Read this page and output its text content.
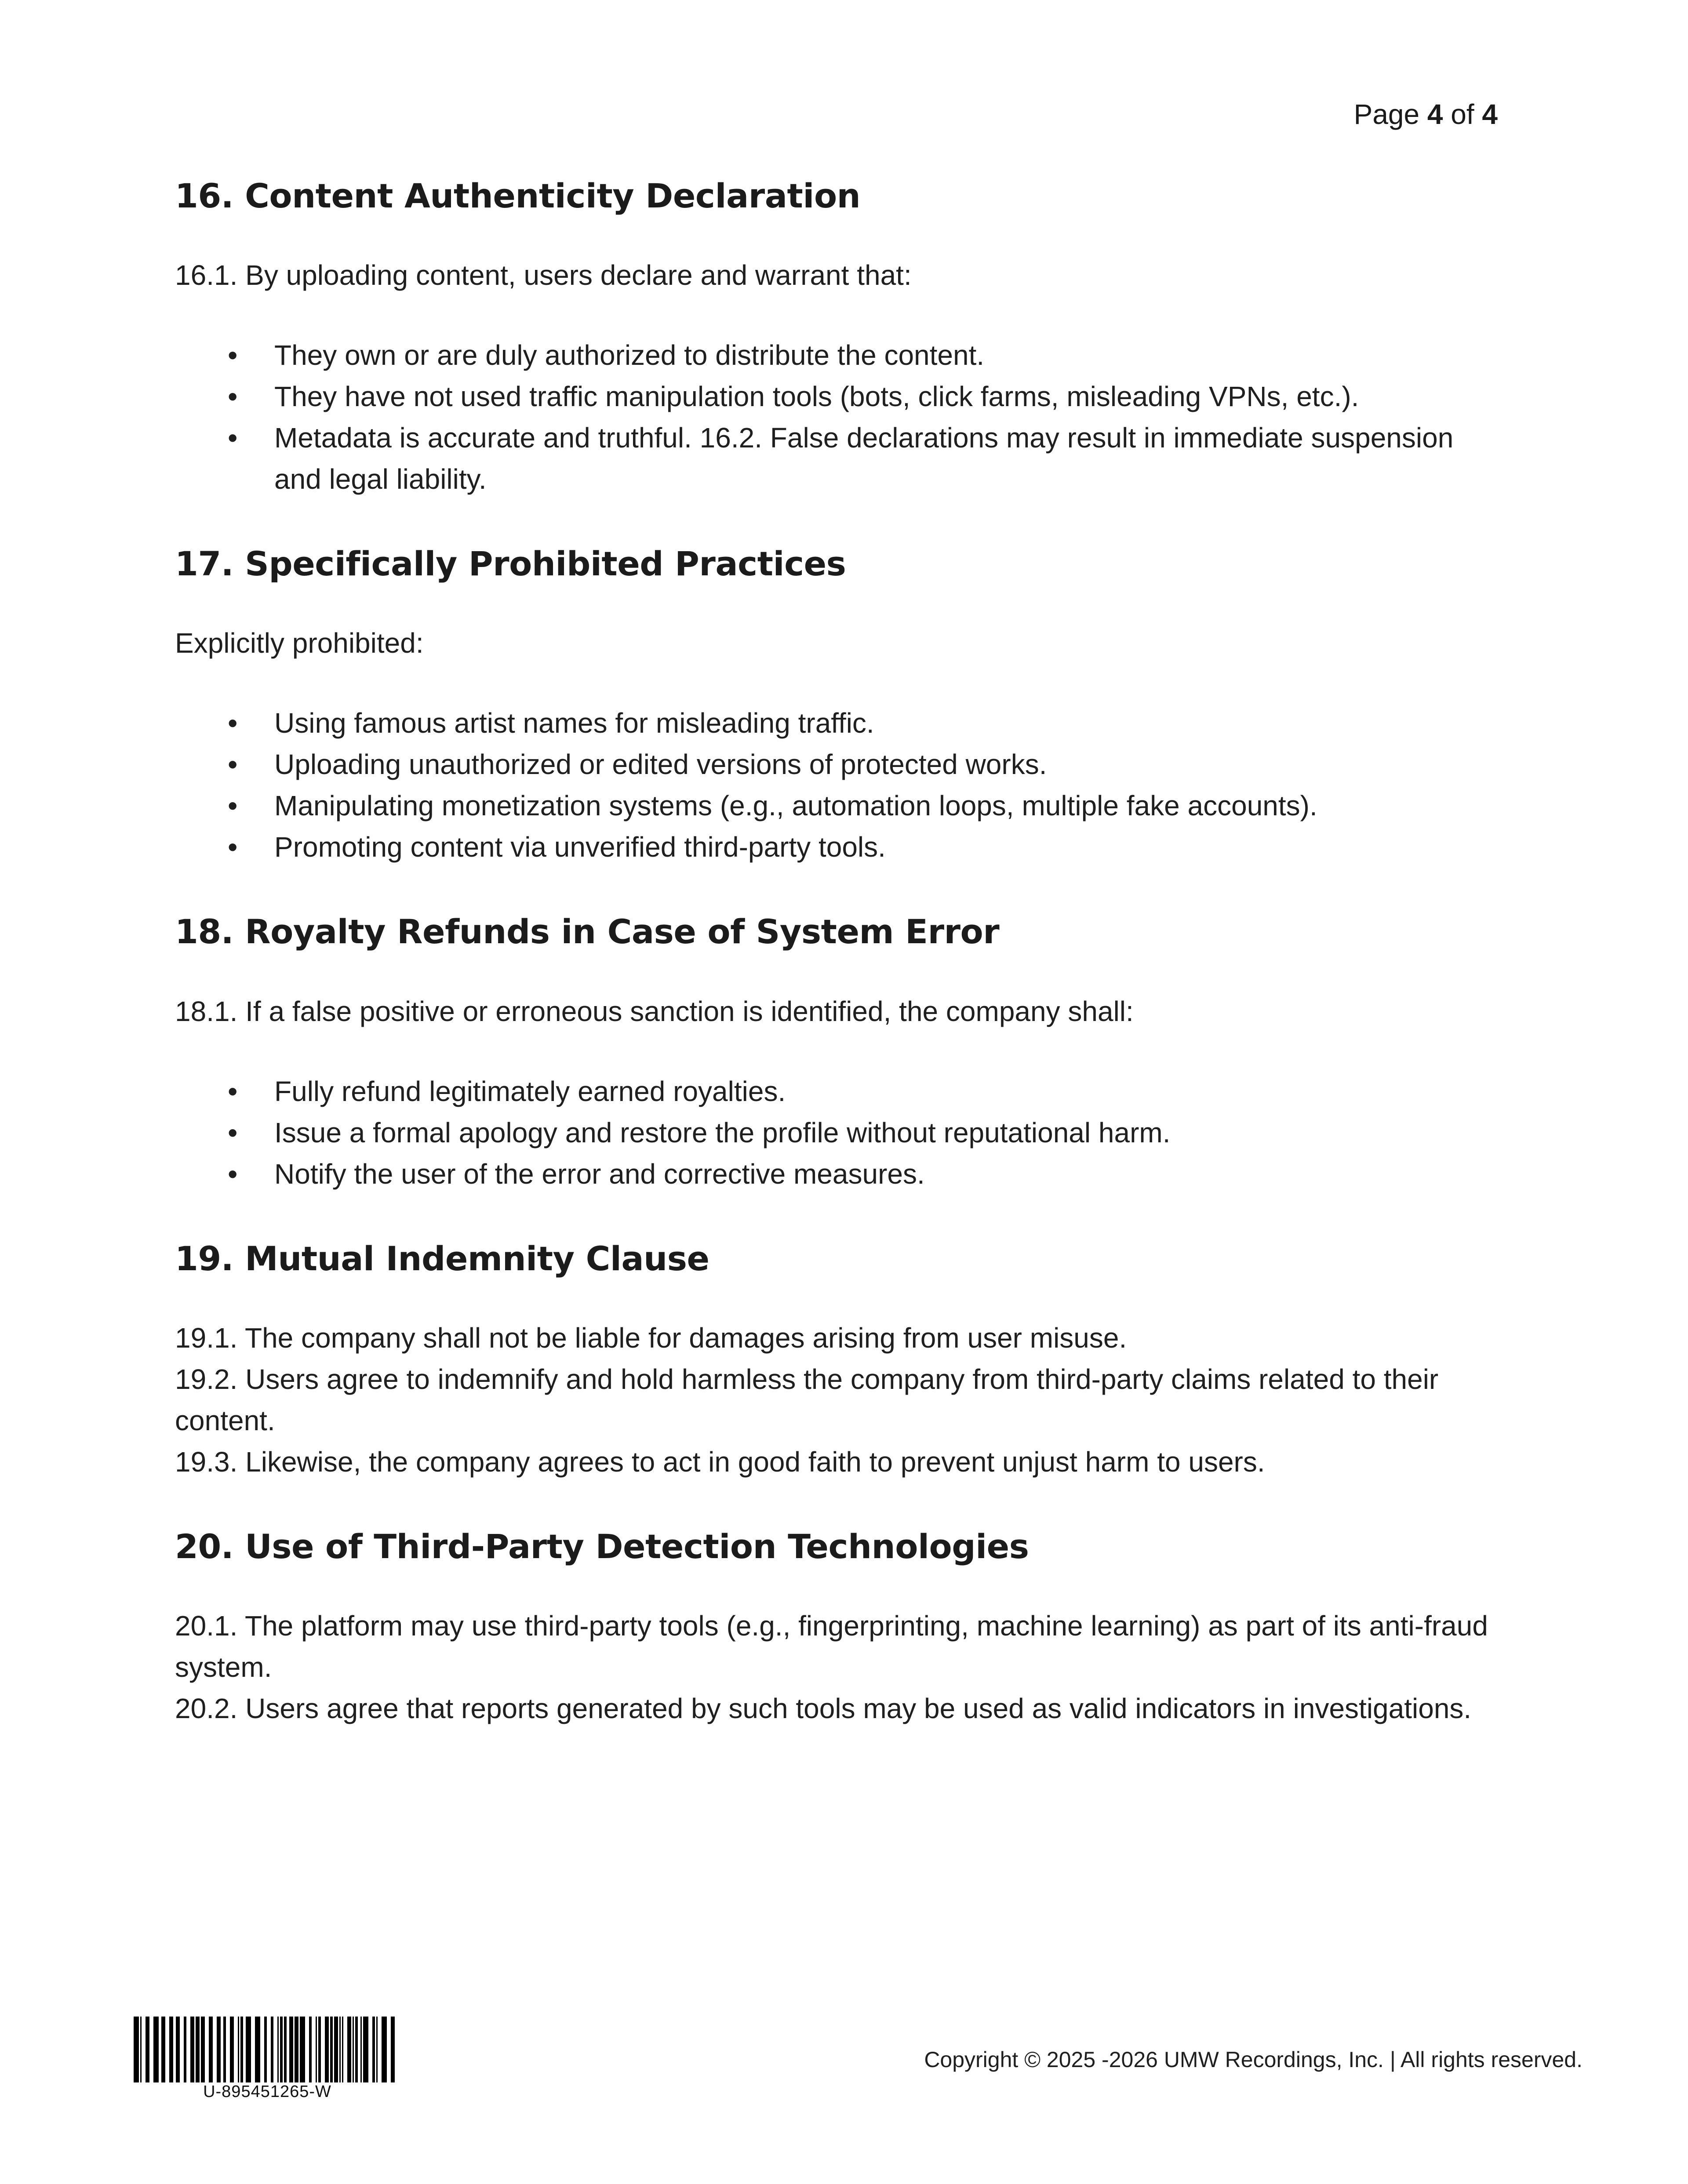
Page 4 of 4
16. Content Authenticity Declaration

16.1. By uploading content, users declare and warrant that:

• They own or are duly authorized to distribute the content.
• They have not used traffic manipulation tools (bots, click farms, misleading VPNs, etc.).
• Metadata is accurate and truthful. 16.2. False declarations may result in immediate suspension and legal liability.
17. Specifically Prohibited Practices

Explicitly prohibited:

• Using famous artist names for misleading traffic.
• Uploading unauthorized or edited versions of protected works.
• Manipulating monetization systems (e.g., automation loops, multiple fake accounts).
• Promoting content via unverified third-party tools.
18. Royalty Refunds in Case of System Error

18.1. If a false positive or erroneous sanction is identified, the company shall:

• Fully refund legitimately earned royalties.
• Issue a formal apology and restore the profile without reputational harm.
• Notify the user of the error and corrective measures.
19. Mutual Indemnity Clause

19.1. The company shall not be liable for damages arising from user misuse.

19.2. Users agree to indemnify and hold harmless the company from third-party claims related to their content.

19.3. Likewise, the company agrees to act in good faith to prevent unjust harm to users.

20. Use of Third-Party Detection Technologies

20.1. The platform may use third-party tools (e.g., fingerprinting, machine learning) as part of its anti-fraud system.

20.2. Users agree that reports generated by such tools may be used as valid indicators in investigations.

U-895451265-W
Copyright © 2025 -2026 UMW Recordings, Inc. | All rights reserved.
